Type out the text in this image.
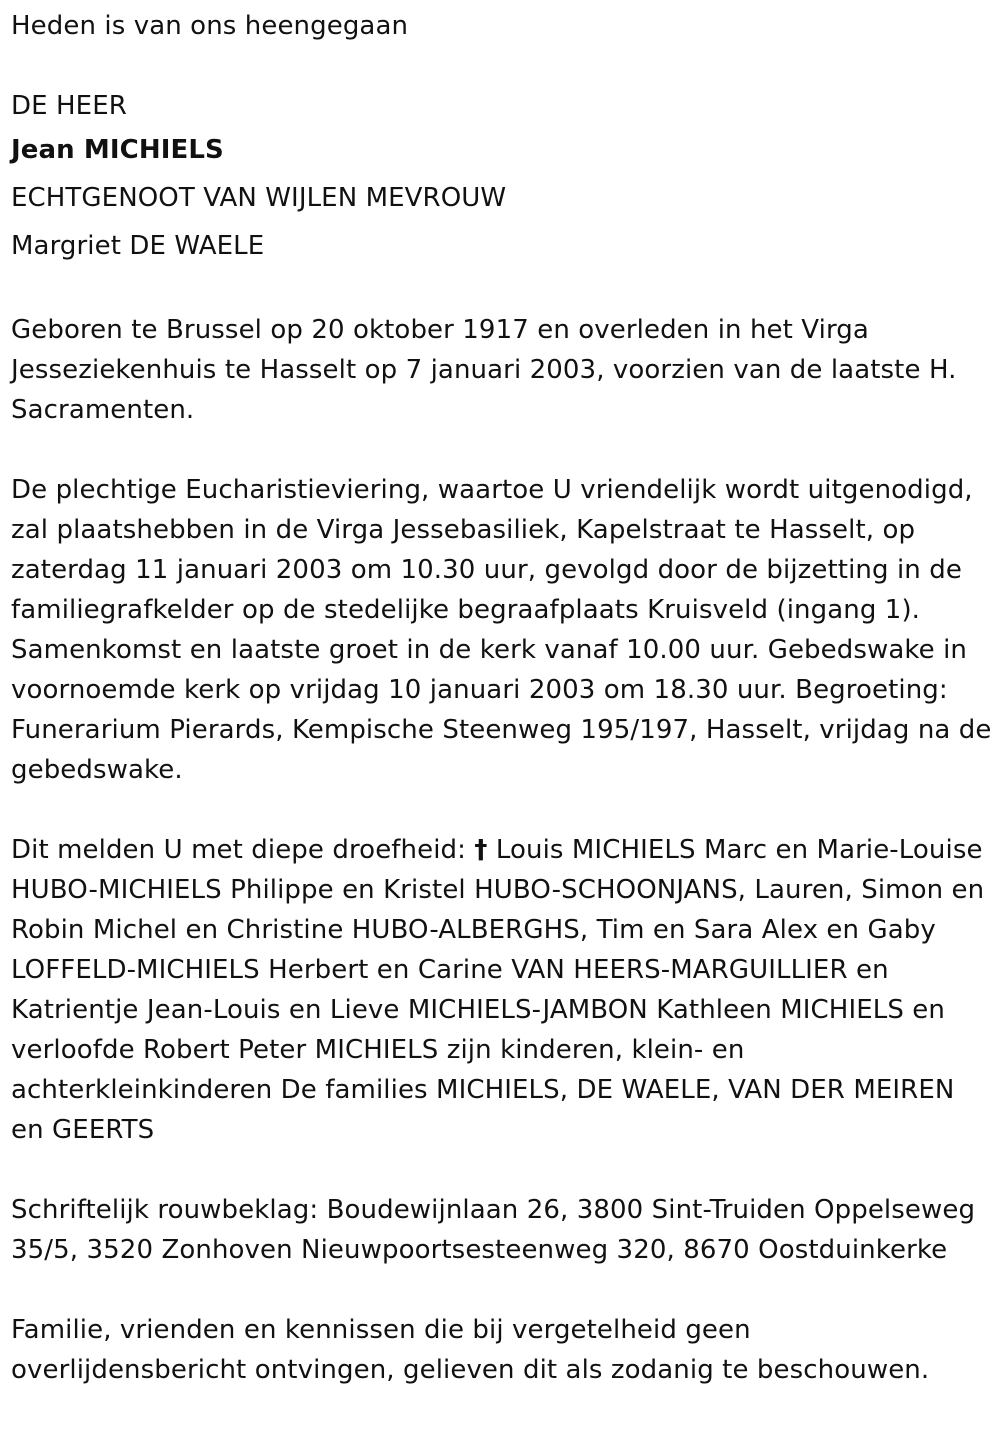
Heden is van ons heengegaan

DE HEER

Jean MICHIELS

ECHTGENOOT VAN WIJLEN MEVROUW

Margriet DE WAELE

Geboren te Brussel op 20 oktober 1917 en overleden in het Virga Jesseziekenhuis te Hasselt op 7 januari 2003, voorzien van de laatste H. Sacramenten.

De plechtige Eucharistieviering, waartoe U vriendelijk wordt uitgenodigd, zal plaatshebben in de Virga Jessebasiliek, Kapelstraat te Hasselt, op zaterdag 11 januari 2003 om 10.30 uur, gevolgd door de bijzetting in de familiegrafkelder op de stedelijke begraafplaats Kruisveld (ingang 1). Samenkomst en laatste groet in de kerk vanaf 10.00 uur. Gebedswake in voornoemde kerk op vrijdag 10 januari 2003 om 18.30 uur. Begroeting: Funerarium Pierards, Kempische Steenweg 195/197, Hasselt, vrijdag na de gebedswake.

Dit melden U met diepe droefheid: † Louis MICHIELS Marc en Marie-Louise HUBO-MICHIELS Philippe en Kristel HUBO-SCHOONJANS, Lauren, Simon en Robin Michel en Christine HUBO-ALBERGHS, Tim en Sara Alex en Gaby LOFFELD-MICHIELS Herbert en Carine VAN HEERS-MARGUILLIER en Katrientje Jean-Louis en Lieve MICHIELS-JAMBON Kathleen MICHIELS en verloofde Robert Peter MICHIELS zijn kinderen, klein- en achterkleinkinderen De families MICHIELS, DE WAELE, VAN DER MEIREN en GEERTS

Schriftelijk rouwbeklag: Boudewijnlaan 26, 3800 Sint-Truiden Oppelseweg 35/5, 3520 Zonhoven Nieuwpoortsesteenweg 320, 8670 Oostduinkerke

Familie, vrienden en kennissen die bij vergetelheid geen overlijdensbericht ontvingen, gelieven dit als zodanig te beschouwen.
